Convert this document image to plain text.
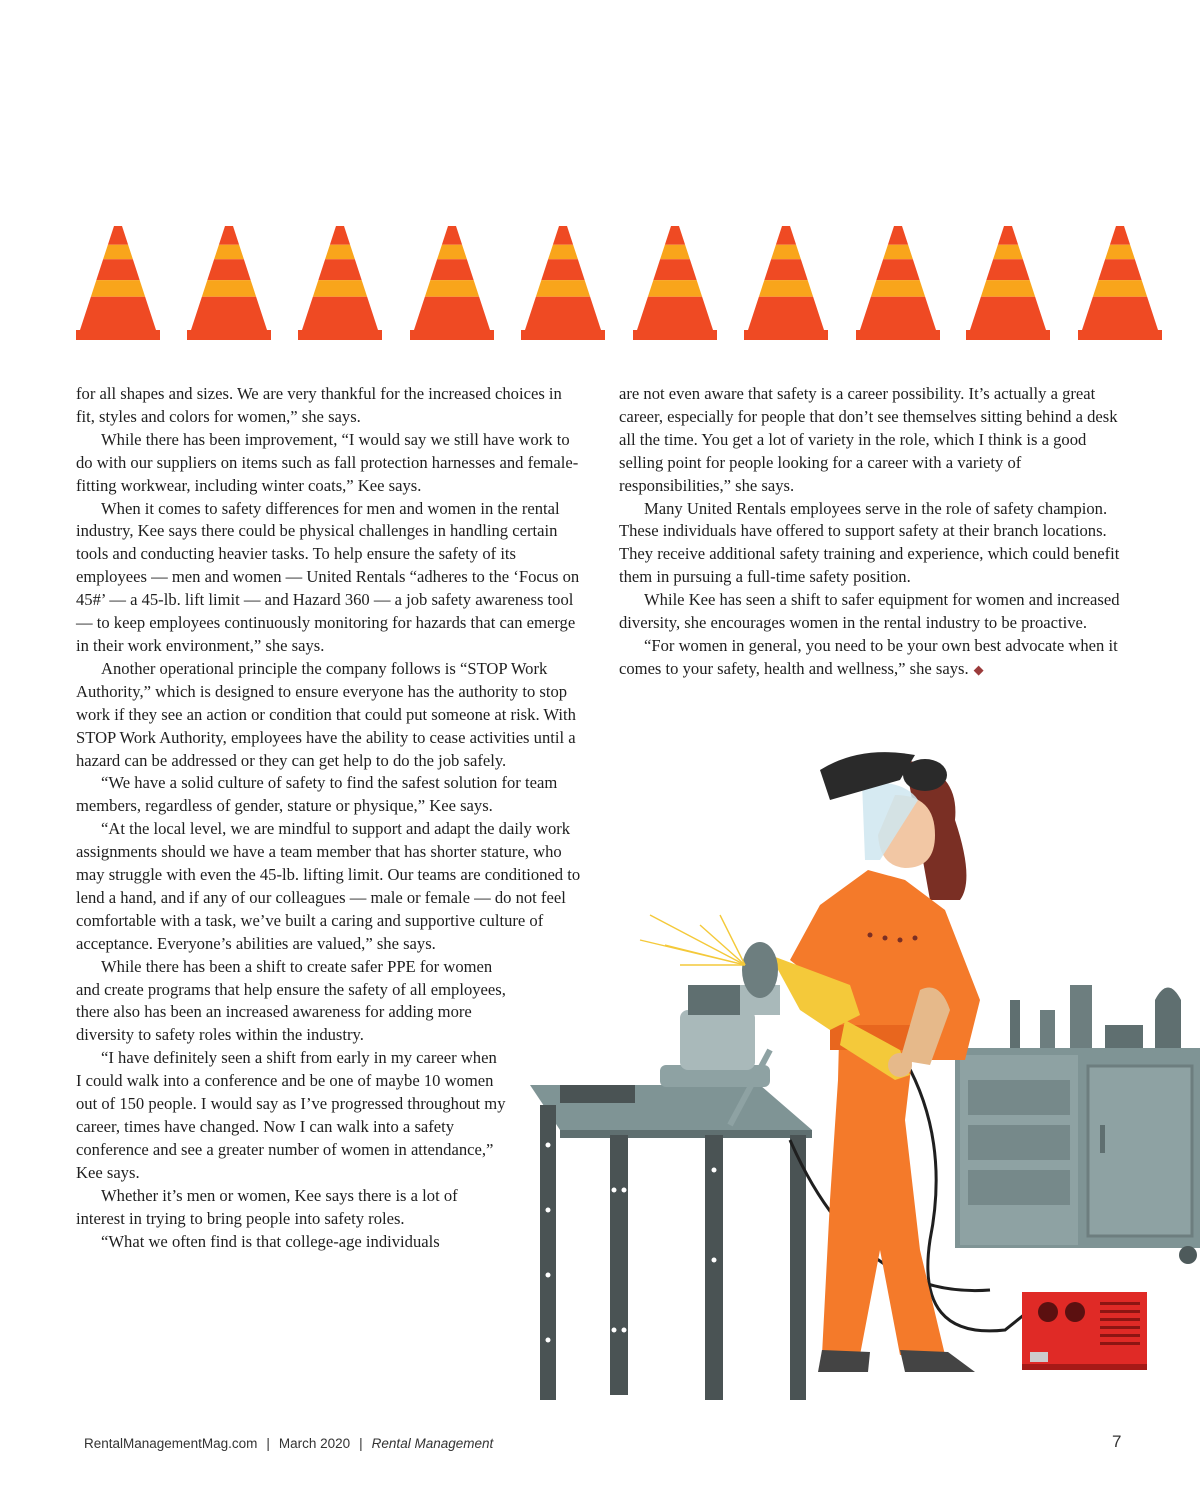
for all shapes and sizes. We are very thankful for the increased choices in fit, styles and colors for women,” she says.

While there has been improvement, “I would say we still have work to do with our suppliers on items such as fall protection harnesses and female-fitting workwear, including winter coats,” Kee says.

When it comes to safety differences for men and women in the rental industry, Kee says there could be physical challenges in handling certain tools and conducting heavier tasks. To help ensure the safety of its employees — men and women — United Rentals “adheres to the ‘Focus on 45#’ — a 45-lb. lift limit — and Hazard 360 — a job safety awareness tool — to keep employees continuously monitoring for hazards that can emerge in their work environment,” she says.

Another operational principle the company follows is “STOP Work Authority,” which is designed to ensure everyone has the authority to stop work if they see an action or condition that could put someone at risk. With STOP Work Authority, employees have the ability to cease activities until a hazard can be addressed or they can get help to do the job safely.

“We have a solid culture of safety to find the safest solution for team members, regardless of gender, stature or physique,” Kee says.

“At the local level, we are mindful to support and adapt the daily work assignments should we have a team member that has shorter stature, who may struggle with even the 45-lb. lifting limit. Our teams are conditioned to lend a hand, and if any of our colleagues — male or female — do not feel comfortable with a task, we’ve built a caring and supportive culture of acceptance. Everyone’s abilities are valued,” she says.

While there has been a shift to create safer PPE for women and create programs that help ensure the safety of all employees, there also has been an increased awareness for adding more diversity to safety roles within the industry.

“I have definitely seen a shift from early in my career when I could walk into a conference and be one of maybe 10 women out of 150 people. I would say as I’ve progressed throughout my career, times have changed. Now I can walk into a safety conference and see a greater number of women in attendance,” Kee says.

Whether it’s men or women, Kee says there is a lot of interest in trying to bring people into safety roles.

“What we often find is that college-age individuals

are not even aware that safety is a career possibility. It’s actually a great career, especially for people that don’t see themselves sitting behind a desk all the time. You get a lot of variety in the role, which I think is a good selling point for people looking for a career with a variety of responsibilities,” she says.

Many United Rentals employees serve in the role of safety champion. These individuals have offered to support safety at their branch locations. They receive additional safety training and experience, which could benefit them in pursuing a full-time safety position.

While Kee has seen a shift to safer equipment for women and increased diversity, she encourages women in the rental industry to be proactive.

“For women in general, you need to be your own best advocate when it comes to your safety, health and wellness,” she says. ◆

RentalManagementMag.com | March 2020 | Rental Management	7
